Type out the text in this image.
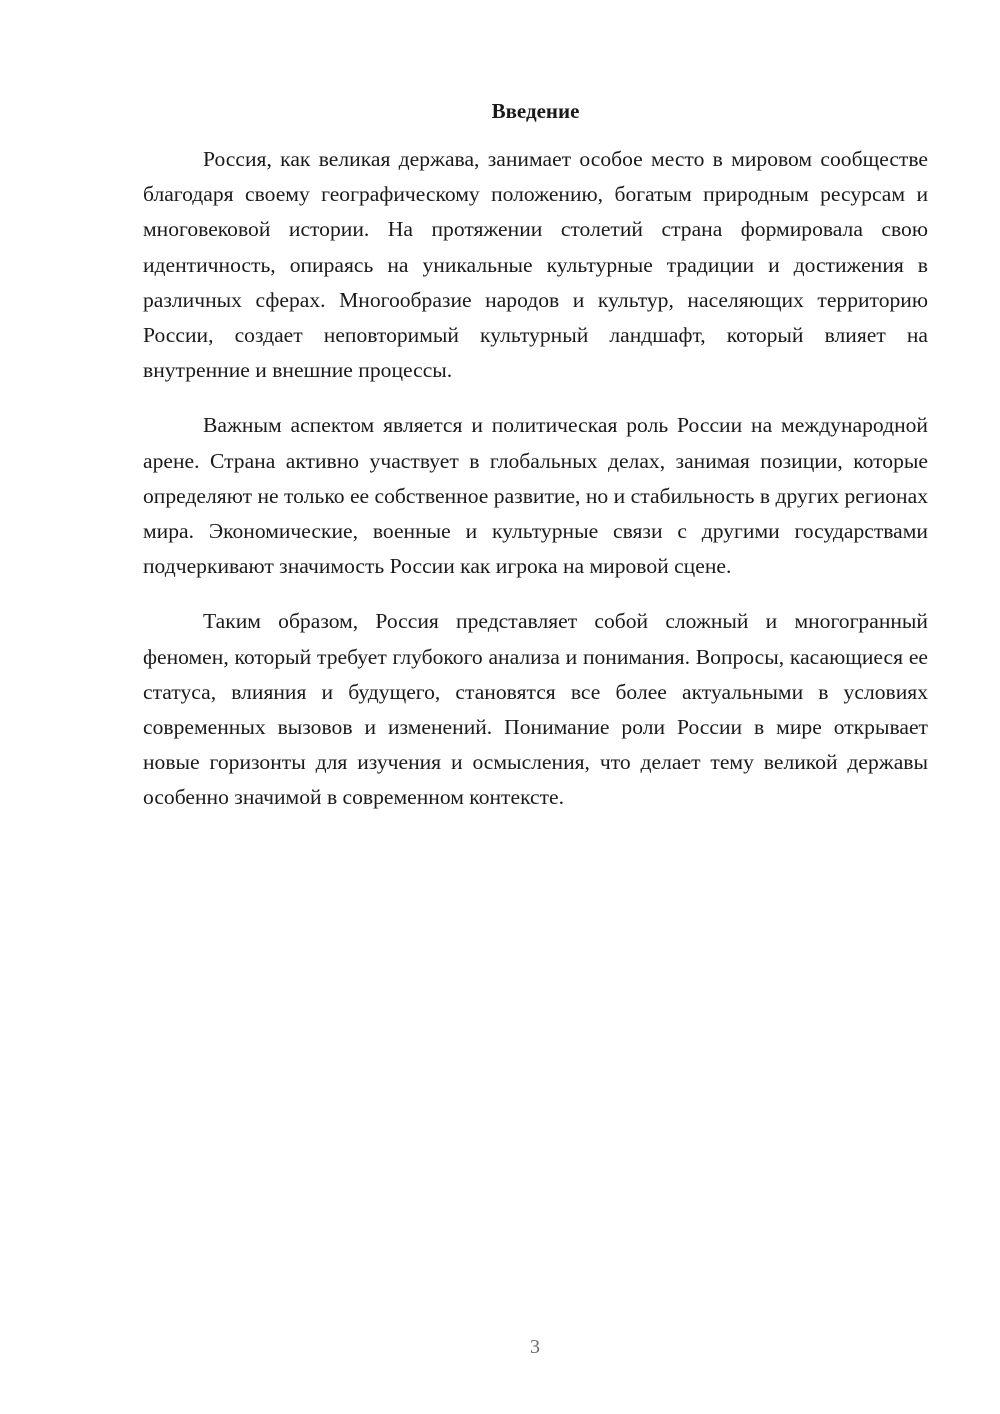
Введение

Россия, как великая держава, занимает особое место в мировом сообществе благодаря своему географическому положению, богатым природным ресурсам и многовековой истории. На протяжении столетий страна формировала свою идентичность, опираясь на уникальные культурные традиции и достижения в различных сферах. Многообразие народов и культур, населяющих территорию России, создает неповторимый культурный ландшафт, который влияет на внутренние и внешние процессы.

Важным аспектом является и политическая роль России на международной арене. Страна активно участвует в глобальных делах, занимая позиции, которые определяют не только ее собственное развитие, но и стабильность в других регионах мира. Экономические, военные и культурные связи с другими государствами подчеркивают значимость России как игрока на мировой сцене.

Таким образом, Россия представляет собой сложный и многогранный феномен, который требует глубокого анализа и понимания. Вопросы, касающиеся ее статуса, влияния и будущего, становятся все более актуальными в условиях современных вызовов и изменений. Понимание роли России в мире открывает новые горизонты для изучения и осмысления, что делает тему великой державы особенно значимой в современном контексте.

3
